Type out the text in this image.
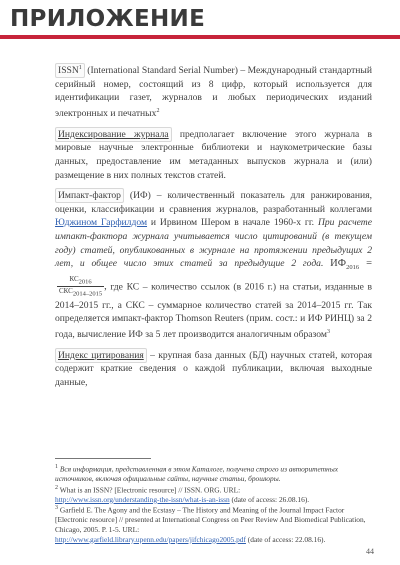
ПРИЛОЖЕНИЕ

ISSN$^1$ (International Standard Serial Number) – Международный стандартный серийный номер, состоящий из 8 цифр, который используется для идентификации газет, журналов и любых периодических изданий электронных и печатных$^2$

Индексирование журнала предполагает включение этого журнала в мировые научные электронные библиотеки и наукометрические базы данных, предоставление им метаданных выпусков журнала и (или) размещение в них полных текстов статей.

Импакт-фактор (ИФ) – количественный показатель для ранжирования, оценки, классификации и сравнения журналов, разработанный коллегами Юджином Гарфилдом и Ирвином Шером в начале 1960-х гг. При расчете импакт-фактора журнала учитывается число цитирований (в текущем году) статей, опубликованных в журнале на протяжении предыдущих 2 лет, и общее число этих статей за предыдущие 2 года. $ИФ_{2016}$ =
$\frac{КС_{2016}}{СКС_{2014-2015}}$ , где КС – количество ссылок (в 2016 г.) на статьи, изданные в 2014–2015 гг., а СКС – суммарное количество статей за 2014–2015 гг. Так определяется импакт-фактор Thomson Reuters (прим. сост.: и ИФ РИНЦ) за 2 года, вычисление ИФ за 5 лет производится аналогичным образом$^3$

Индекс цитирования – крупная база данных (БД) научных статей, которая содержит краткие сведения о каждой публикации, включая выходные данные,

$^1$ Вся информация, представленная в этом Каталоге, получена строго из авторитетных источников, включая официальные сайты, научные статьи, брошюры.

$^2$ What is an ISSN? [Electronic resource] // ISSN. ORG. URL:

http://www.issn.org/understanding-the-issn/what-is-an-issn (date of access: 26.08.16).

$^3$ Garfield E. The Agony and the Ecstasy – The History and Meaning of the Journal Impact Factor [Electronic resource] // presented at International Congress on Peer Review And Biomedical Publication, Chicago, 2005. P. 1-5. URL:

http://www.garfield.library.upenn.edu/papers/jifchicago2005.pdf (date of access: 22.08.16).

44
